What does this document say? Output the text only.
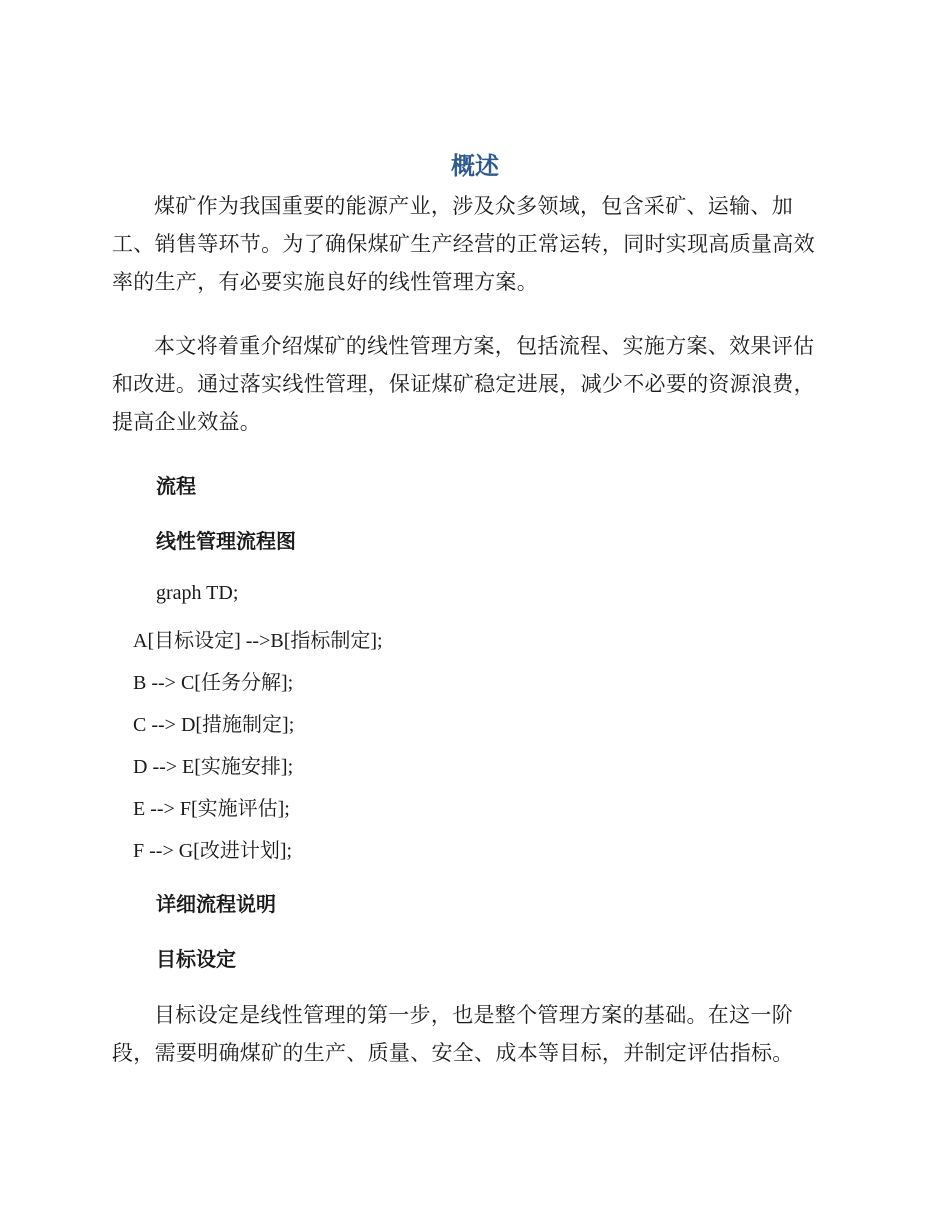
概述

煤矿作为我国重要的能源产业，涉及众多领域，包含采矿、运输、加工、销售等环节。为了确保煤矿生产经营的正常运转，同时实现高质量高效率的生产，有必要实施良好的线性管理方案。

本文将着重介绍煤矿的线性管理方案，包括流程、实施方案、效果评估和改进。通过落实线性管理，保证煤矿稳定进展，减少不必要的资源浪费，提高企业效益。

流程
线性管理流程图

graph TD;

A[目标设定] -->B[指标制定];

B --> C[任务分解];

C --> D[措施制定];

D --> E[实施安排];

E --> F[实施评估];

F --> G[改进计划];

详细流程说明
目标设定

目标设定是线性管理的第一步，也是整个管理方案的基础。在这一阶段，需要明确煤矿的生产、质量、安全、成本等目标，并制定评估指标。
